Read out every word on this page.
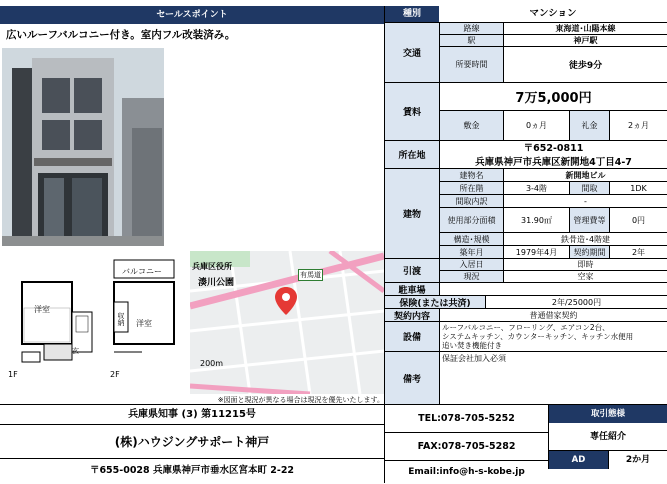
セールスポイント
広いルーフバルコニー付き。室内フル改装済み。
洋室
玄
バルコニー
収納 洋室
1F	2F
兵庫区役所
湊川公園
有馬道
200m
※図面と現況が異なる場合は現況を優先いたします。
種別	マンション
交通
路線	東海道･山陽本線
駅	神戸駅
所要時間	徒歩9分
賃料
7万5,000円
敷金	0ヵ月	礼金	2ヵ月
所在地
〒652-0811
兵庫県神戸市兵庫区新開地4丁目4-7
建物
建物名	新開地ビル
所在階	3-4階	間取	1DK
間取内訳	-
使用部分面積	31.90㎡	管理費等	0円
構造･規模	鉄骨造･4階建
築年月	1979年4月	契約期間	2年
引渡
入居日	即時
現況	空家
駐車場
保険(または共済)	2年/25000円
契約内容	普通借家契約
設備
ルーフバルコニー、フローリング、エアコン2台、
システムキッチン、カウンターキッチン、キッチン水便用
追い焚き機能付き
備考
保証会社加入必須
兵庫県知事 (3) 第11215号
(株)ハウジングサポート神戸
〒655-0028 兵庫県神戸市垂水区宮本町 2-22
TEL:078-705-5252
FAX:078-705-5282
Email:info@h-s-kobe.jp
取引態様
専任紹介
AD	2か月
